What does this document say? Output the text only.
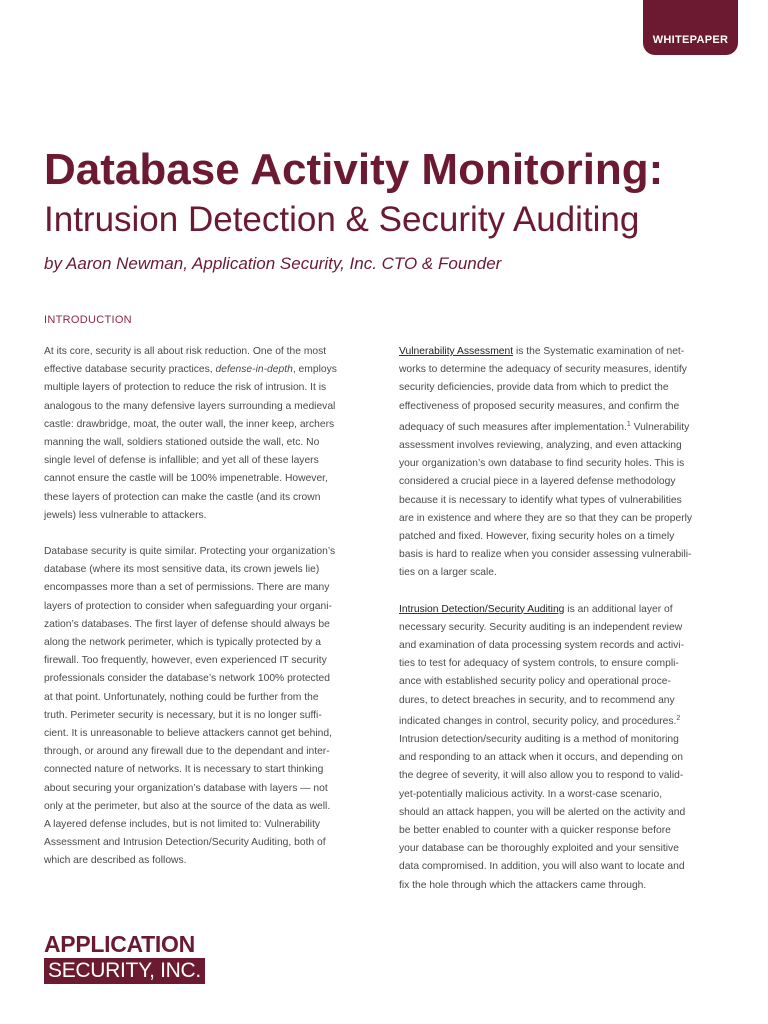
WHITEPAPER
Database Activity Monitoring:
Intrusion Detection & Security Auditing

by Aaron Newman, Application Security, Inc. CTO & Founder

INTRODUCTION

At its core, security is all about risk reduction. One of the most
effective database security practices, defense-in-depth, employs
multiple layers of protection to reduce the risk of intrusion. It is
analogous to the many defensive layers surrounding a medieval
castle: drawbridge, moat, the outer wall, the inner keep, archers
manning the wall, soldiers stationed outside the wall, etc. No
single level of defense is infallible; and yet all of these layers
cannot ensure the castle will be 100% impenetrable. However,
these layers of protection can make the castle (and its crown
jewels) less vulnerable to attackers.

Database security is quite similar. Protecting your organization’s
database (where its most sensitive data, its crown jewels lie)
encompasses more than a set of permissions. There are many
layers of protection to consider when safeguarding your organi-
zation’s databases. The first layer of defense should always be
along the network perimeter, which is typically protected by a
firewall. Too frequently, however, even experienced IT security
professionals consider the database’s network 100% protected
at that point. Unfortunately, nothing could be further from the
truth. Perimeter security is necessary, but it is no longer suffi-
cient. It is unreasonable to believe attackers cannot get behind,
through, or around any firewall due to the dependant and inter-
connected nature of networks. It is necessary to start thinking
about securing your organization’s database with layers — not
only at the perimeter, but also at the source of the data as well.
A layered defense includes, but is not limited to: Vulnerability
Assessment and Intrusion Detection/Security Auditing, both of
which are described as follows.

Vulnerability Assessment is the Systematic examination of net-
works to determine the adequacy of security measures, identify
security deficiencies, provide data from which to predict the
effectiveness of proposed security measures, and confirm the
adequacy of such measures after implementation.$^1$ Vulnerability
assessment involves reviewing, analyzing, and even attacking
your organization’s own database to find security holes. This is
considered a crucial piece in a layered defense methodology
because it is necessary to identify what types of vulnerabilities
are in existence and where they are so that they can be properly
patched and fixed. However, fixing security holes on a timely
basis is hard to realize when you consider assessing vulnerabili-
ties on a larger scale.

Intrusion Detection/Security Auditing is an additional layer of
necessary security. Security auditing is an independent review
and examination of data processing system records and activi-
ties to test for adequacy of system controls, to ensure compli-
ance with established security policy and operational proce-
dures, to detect breaches in security, and to recommend any
indicated changes in control, security policy, and procedures.$^2$
Intrusion detection/security auditing is a method of monitoring
and responding to an attack when it occurs, and depending on
the degree of severity, it will also allow you to respond to valid-
yet-potentially malicious activity. In a worst-case scenario,
should an attack happen, you will be alerted on the activity and
be better enabled to counter with a quicker response before
your database can be thoroughly exploited and your sensitive
data compromised. In addition, you will also want to locate and
fix the hole through which the attackers came through.

APPLICATION
SECURITY, INC.
